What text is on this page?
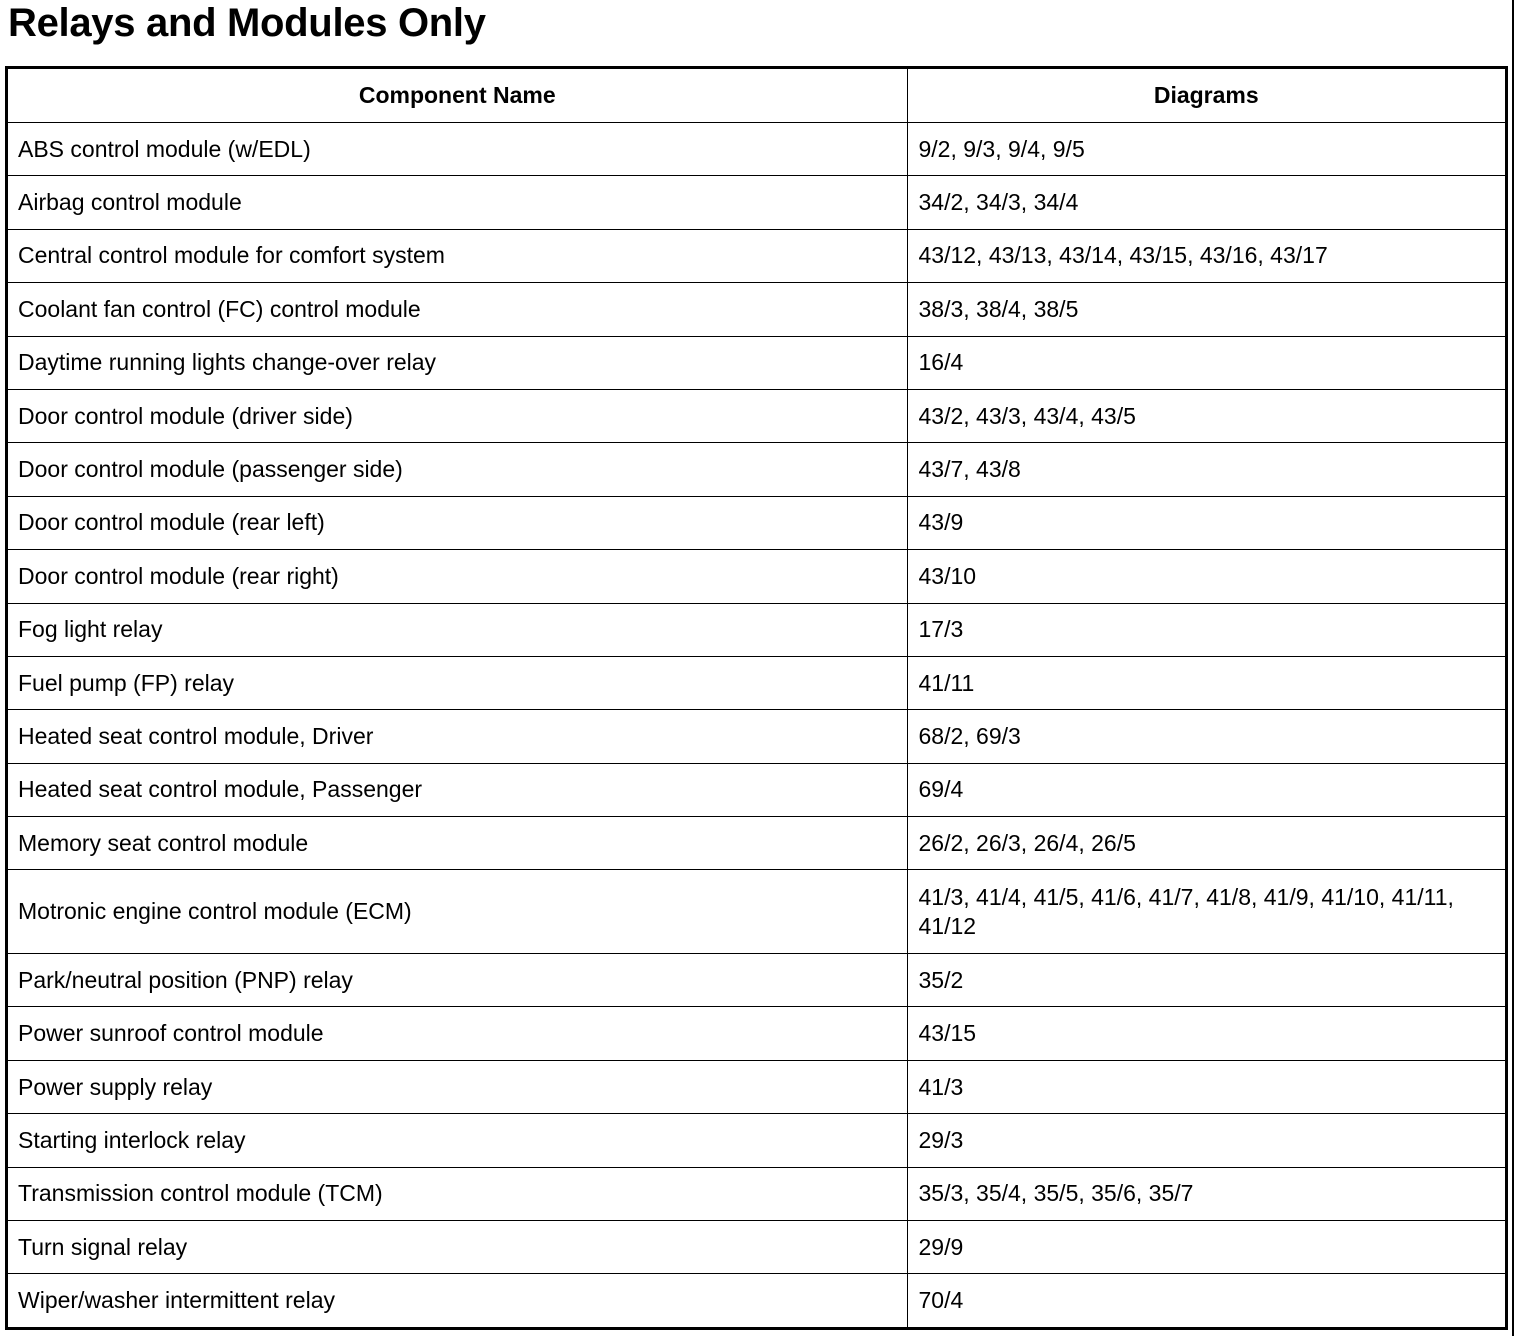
Relays and Modules Only
Component Name	Diagrams
ABS control module (w/EDL)	9/2, 9/3, 9/4, 9/5
Airbag control module	34/2, 34/3, 34/4
Central control module for comfort system	43/12, 43/13, 43/14, 43/15, 43/16, 43/17
Coolant fan control (FC) control module	38/3, 38/4, 38/5
Daytime running lights change-over relay	16/4
Door control module (driver side)	43/2, 43/3, 43/4, 43/5
Door control module (passenger side)	43/7, 43/8
Door control module (rear left)	43/9
Door control module (rear right)	43/10
Fog light relay	17/3
Fuel pump (FP) relay	41/11
Heated seat control module, Driver	68/2, 69/3
Heated seat control module, Passenger	69/4
Memory seat control module	26/2, 26/3, 26/4, 26/5
Motronic engine control module (ECM)	41/3, 41/4, 41/5, 41/6, 41/7, 41/8, 41/9, 41/10, 41/11, 41/12
Park/neutral position (PNP) relay	35/2
Power sunroof control module	43/15
Power supply relay	41/3
Starting interlock relay	29/3
Transmission control module (TCM)	35/3, 35/4, 35/5, 35/6, 35/7
Turn signal relay	29/9
Wiper/washer intermittent relay	70/4
